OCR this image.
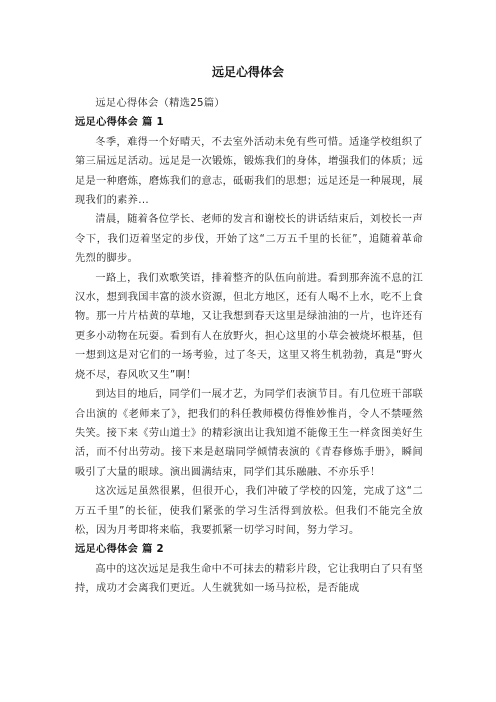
远足心得体会

远足心得体会（精选25篇）

远足心得体会 篇 1

冬季，难得一个好晴天，不去室外活动未免有些可惜。适逢学校组织了第三届远足活动。远足是一次锻炼，锻炼我们的身体，增强我们的体质；远足是一种磨炼，磨炼我们的意志，砥砺我们的思想；远足还是一种展现，展现我们的素养...

清晨，随着各位学长、老师的发言和谢校长的讲话结束后，刘校长一声令下，我们迈着坚定的步伐，开始了这“二万五千里的长征”，追随着革命先烈的脚步。

一路上，我们欢歌笑语，排着整齐的队伍向前进。看到那奔流不息的江汉水，想到我国丰富的淡水资源，但北方地区，还有人喝不上水，吃不上食物。那一片片枯黄的草地，又让我想到春天这里是绿油油的一片，也许还有更多小动物在玩耍。看到有人在放野火，担心这里的小草会被烧坏根基，但一想到这是对它们的一场考验，过了冬天，这里又将生机勃勃，真是“野火烧不尽，春风吹又生”啊！

到达目的地后，同学们一展才艺，为同学们表演节目。有几位班干部联合出演的《老师来了》，把我们的科任教师模仿得惟妙惟肖，令人不禁哑然失笑。接下来《劳山道士》的精彩演出让我知道不能像王生一样贪图美好生活，而不付出劳动。接下来是赵瑞同学倾情表演的《青春修炼手册》，瞬间吸引了大量的眼球。演出圆满结束，同学们其乐融融、不亦乐乎！

这次远足虽然很累，但很开心，我们冲破了学校的囚笼，完成了这“二万五千里”的长征，使我们紧张的学习生活得到放松。但我们不能完全放松，因为月考即将来临，我要抓紧一切学习时间，努力学习。

远足心得体会 篇 2

高中的这次远足是我生命中不可抹去的精彩片段，它让我明白了只有坚持，成功才会离我们更近。人生就犹如一场马拉松，是否能成
